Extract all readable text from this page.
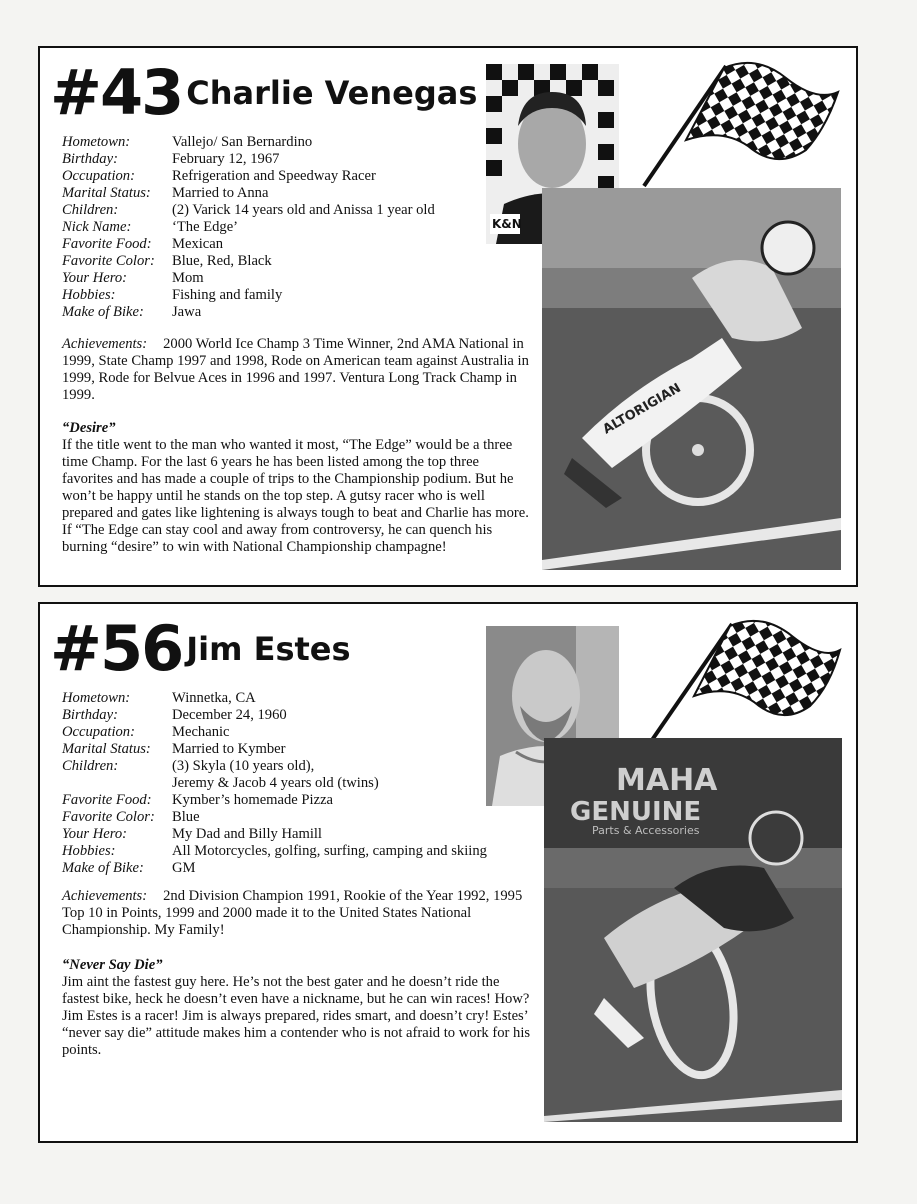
#43 Charlie Venegas
K&N
ALTORIGIAN
Hometown:	Vallejo/ San Bernardino
Birthday:	February 12, 1967
Occupation:	Refrigeration and Speedway Racer
Marital Status:	Married to Anna
Children:	(2) Varick 14 years old and Anissa 1 year old
Nick Name:	‘The Edge’
Favorite Food:	Mexican
Favorite Color:	Blue, Red, Black
Your Hero:	Mom
Hobbies:	Fishing and family
Make of Bike:	Jawa
Achievements: 2000 World Ice Champ 3 Time Winner, 2nd AMA National in 1999, State Champ 1997 and 1998, Rode on American team against Australia in 1999, Rode for Belvue Aces in 1996 and 1997. Ventura Long Track Champ in 1999.
“Desire”
If the title went to the man who wanted it most, “The Edge” would be a three time Champ. For the last 6 years he has been listed among the top three favorites and has made a couple of trips to the Championship podium. But he won’t be happy until he stands on the top step. A gutsy racer who is well prepared and gates like lightening is always tough to beat and Charlie has more. If “The Edge can stay cool and away from controversy, he can quench his burning “desire” to win with National Championship champagne!
#56 Jim Estes
MAHA
GENUINE
Parts & Accessories
Hometown:	Winnetka, CA
Birthday:	December 24, 1960
Occupation:	Mechanic
Marital Status:	Married to Kymber
Children:	(3) Skyla (10 years old),
Jeremy & Jacob 4 years old (twins)
Favorite Food:	Kymber’s homemade Pizza
Favorite Color:	Blue
Your Hero:	My Dad and Billy Hamill
Hobbies:	All Motorcycles, golfing, surfing, camping and skiing
Make of Bike:	GM
Achievements: 2nd Division Champion 1991, Rookie of the Year 1992, 1995 Top 10 in Points, 1999 and 2000 made it to the United States National Championship. My Family!
“Never Say Die”
Jim aint the fastest guy here. He’s not the best gater and he doesn’t ride the fastest bike, heck he doesn’t even have a nickname, but he can win races! How? Jim Estes is a racer! Jim is always prepared, rides smart, and doesn’t cry! Estes’ “never say die” attitude makes him a contender who is not afraid to work for his points.
